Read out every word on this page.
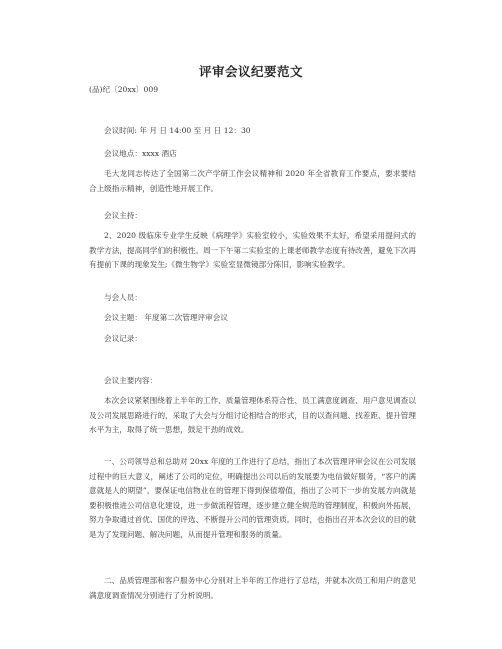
评审会议纪要范文

(品)纪〔20xx〕009

会议时间: 年 月 日 14:00 至 月 日 12：30

会议地点：xxxx 酒店

毛大龙同志传达了全国第二次产学研工作会议精神和 2020 年全省教育工作要点，要求要结合上级指示精神，创造性地开展工作。

会议主持：

2、2020 级临床专业学生反映《病理学》实验室较小，实验效果不太好，希望采用提问式的教学方法，提高同学们的积极性。周一下午第二实验室的上课老师教学态度有待改善，避免下次再有提前下课的现象发生;《微生物学》实验室显微镜部分陈旧，影响实验教学。

与会人员：

会议主题： 年度第二次管理评审会议

会议记录：

会议主要内容：

本次会议紧紧围绕着上半年的工作、质量管理体系符合性、员工满意度调查、用户意见调查以及公司发展思路进行的，采取了大会与分组讨论相结合的形式，目的以查问题、找差距、提升管理水平为主，取得了统一思想，鼓足干劲的成效。

一、公司领导总和总助对 20xx 年度的工作进行了总结，指出了本次管理评审会议在公司发展过程中的巨大意义，阐述了公司的定位，明确提出公司以后的发展要为电信做好服务，“客户的满意就是人的期望”，要保证电信物业在的管理下得到保值增值，指出了公司下一步的发展方向就是要积极推进公司信息化建设，进一步做流程管理，逐步建立健全规范的管理制度，积极向外拓展，努力争取通过首优、国优的评选、不断提升公司的管理资质。同时，也指出召开本次会议的目的就是为了发现问题、解决问题，从而提升管理和服务的质量。

二、品质管理部和客户服务中心分别对上半年的工作进行了总结，并就本次员工和用户的意见满意度调查情况分别进行了分析说明。
